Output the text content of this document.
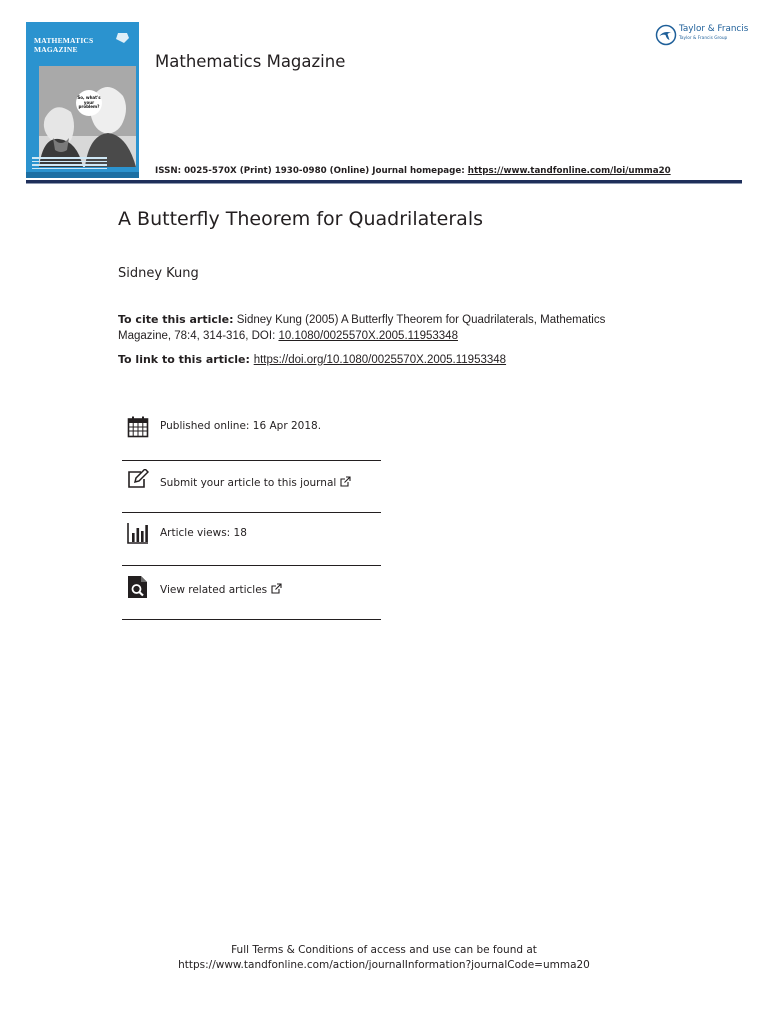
MATHEMATICS
MAGAZINE
So, what's your problem?
Mathematics Magazine
ISSN: 0025-570X (Print) 1930-0980 (Online) Journal homepage: https://www.tandfonline.com/loi/umma20
Taylor & Francis
Taylor & Francis Group
A Butterfly Theorem for Quadrilaterals
Sidney Kung
To cite this article: Sidney Kung (2005) A Butterfly Theorem for Quadrilaterals, Mathematics Magazine, 78:4, 314-316, DOI: 10.1080/0025570X.2005.11953348
To link to this article: https://doi.org/10.1080/0025570X.2005.11953348
Published online: 16 Apr 2018.
Submit your article to this journal
Article views: 18
View related articles
Full Terms & Conditions of access and use can be found at
https://www.tandfonline.com/action/journalInformation?journalCode=umma20
